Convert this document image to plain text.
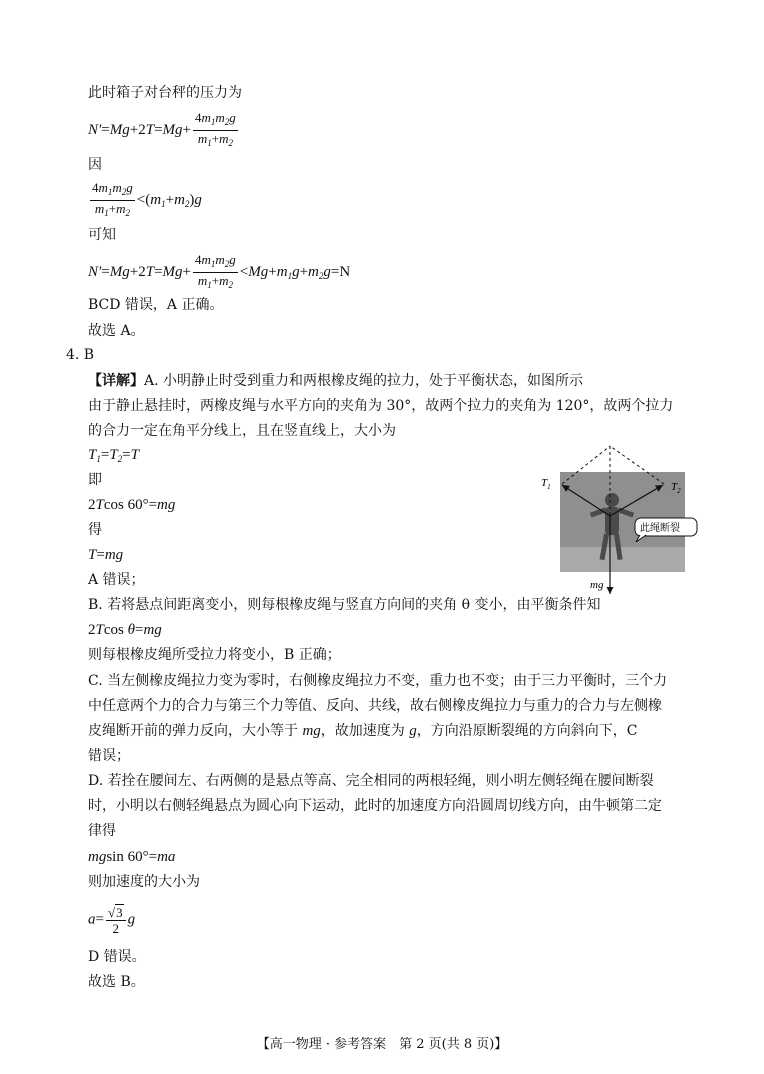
此时箱子对台秤的压力为
$N'=Mg+2T=Mg+ \frac{4m_1m_2g}{m_1+m_2}$
因
$\frac{4m_1m_2g}{m_1+m_2} <(m_1+m_2)g$
可知
$N'=Mg+2T=Mg+ \frac{4m_1m_2g}{m_1+m_2} <Mg+m_1g+m_2g=N$
BCD 错误，A 正确。
故选 A。
4. B
【详解】A. 小明静止时受到重力和两根橡皮绳的拉力，处于平衡状态，如图所示
由于静止悬挂时，两橡皮绳与水平方向的夹角为 30°，故两个拉力的夹角为 120°，故两个拉力
的合力一定在角平分线上，且在竖直线上，大小为
$T_1=T_2=T$
即
2Tcos 60°=mg
得
T=mg
A 错误；
B. 若将悬点间距离变小，则每根橡皮绳与竖直方向间的夹角 θ 变小，由平衡条件知
2Tcos θ=mg
则每根橡皮绳所受拉力将变小，B 正确；
C. 当左侧橡皮绳拉力变为零时，右侧橡皮绳拉力不变，重力也不变；由于三力平衡时，三个力
中任意两个力的合力与第三个力等值、反向、共线，故右侧橡皮绳拉力与重力的合力与左侧橡
皮绳断开前的弹力反向，大小等于 mg，故加速度为 g，方向沿原断裂绳的方向斜向下，C
错误；
D. 若拴在腰间左、右两侧的是悬点等高、完全相同的两根轻绳，则小明左侧轻绳在腰间断裂
时，小明以右侧轻绳悬点为圆心向下运动，此时的加速度方向沿圆周切线方向，由牛顿第二定
律得
mgsin 60°=ma
则加速度的大小为
$a= \frac{√3}{2}$ g
D 错误。
故选 B。
$T_1$	$T_2$
mg
此绳断裂
【高一物理 · 参考答案　第 2 页(共 8 页)】
